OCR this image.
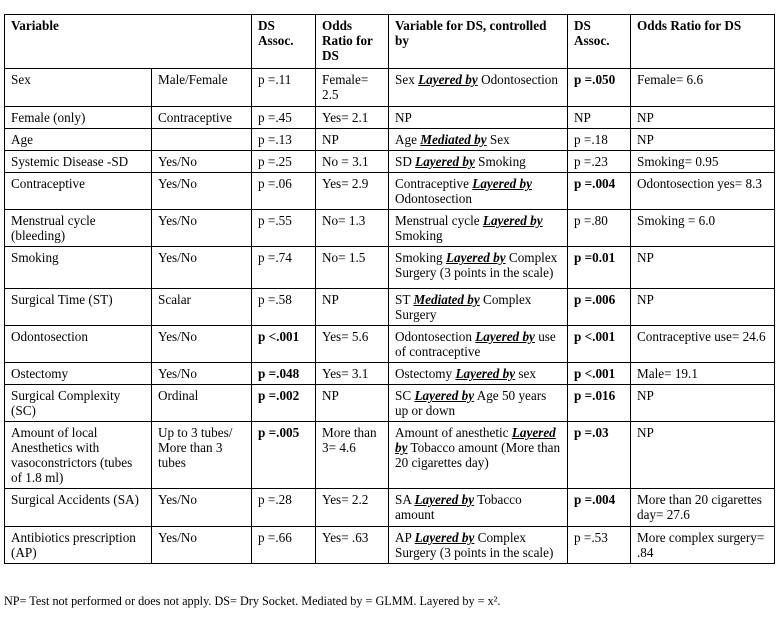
Variable		DS Assoc.	Odds Ratio for DS	Variable for DS, controlled by	DS Assoc.	Odds Ratio for DS
Sex	Male/Female	p =.11	Female= 2.5	Sex Layered by Odontosection	p =.050	Female= 6.6
Female (only)	Contraceptive	p =.45	Yes= 2.1	NP	NP	NP
Age		p =.13	NP	Age Mediated by Sex	p =.18	NP
Systemic Disease -SD	Yes/No	p =.25	No = 3.1	SD Layered by Smoking	p =.23	Smoking= 0.95
Contraceptive	Yes/No	p =.06	Yes= 2.9	Contraceptive Layered by Odontosection	p =.004	Odontosection yes= 8.3
Menstrual cycle (bleeding)	Yes/No	p =.55	No= 1.3	Menstrual cycle Layered by Smoking	p =.80	Smoking = 6.0
Smoking	Yes/No	p =.74	No= 1.5	Smoking Layered by Complex Surgery (3 points in the scale)	p =0.01	NP
Surgical Time (ST)	Scalar	p =.58	NP	ST Mediated by Complex Surgery	p =.006	NP
Odontosection	Yes/No	p <.001	Yes= 5.6	Odontosection Layered by use of contraceptive	p <.001	Contraceptive use= 24.6
Ostectomy	Yes/No	p =.048	Yes= 3.1	Ostectomy Layered by sex	p <.001	Male= 19.1
Surgical Complexity (SC)	Ordinal	p =.002	NP	SC Layered by Age 50 years up or down	p =.016	NP
Amount of local Anesthetics with vasoconstrictors (tubes of 1.8 ml)	Up to 3 tubes/ More than 3 tubes	p =.005	More than 3= 4.6	Amount of anesthetic Layered by Tobacco amount (More than 20 cigarettes day)	p =.03	NP
Surgical Accidents (SA)	Yes/No	p =.28	Yes= 2.2	SA Layered by Tobacco amount	p =.004	More than 20 cigarettes day= 27.6
Antibiotics prescription (AP)	Yes/No	p =.66	Yes= .63	AP Layered by Complex Surgery (3 points in the scale)	p =.53	More complex surgery= .84
NP= Test not performed or does not apply. DS= Dry Socket. Mediated by = GLMM. Layered by = x².
